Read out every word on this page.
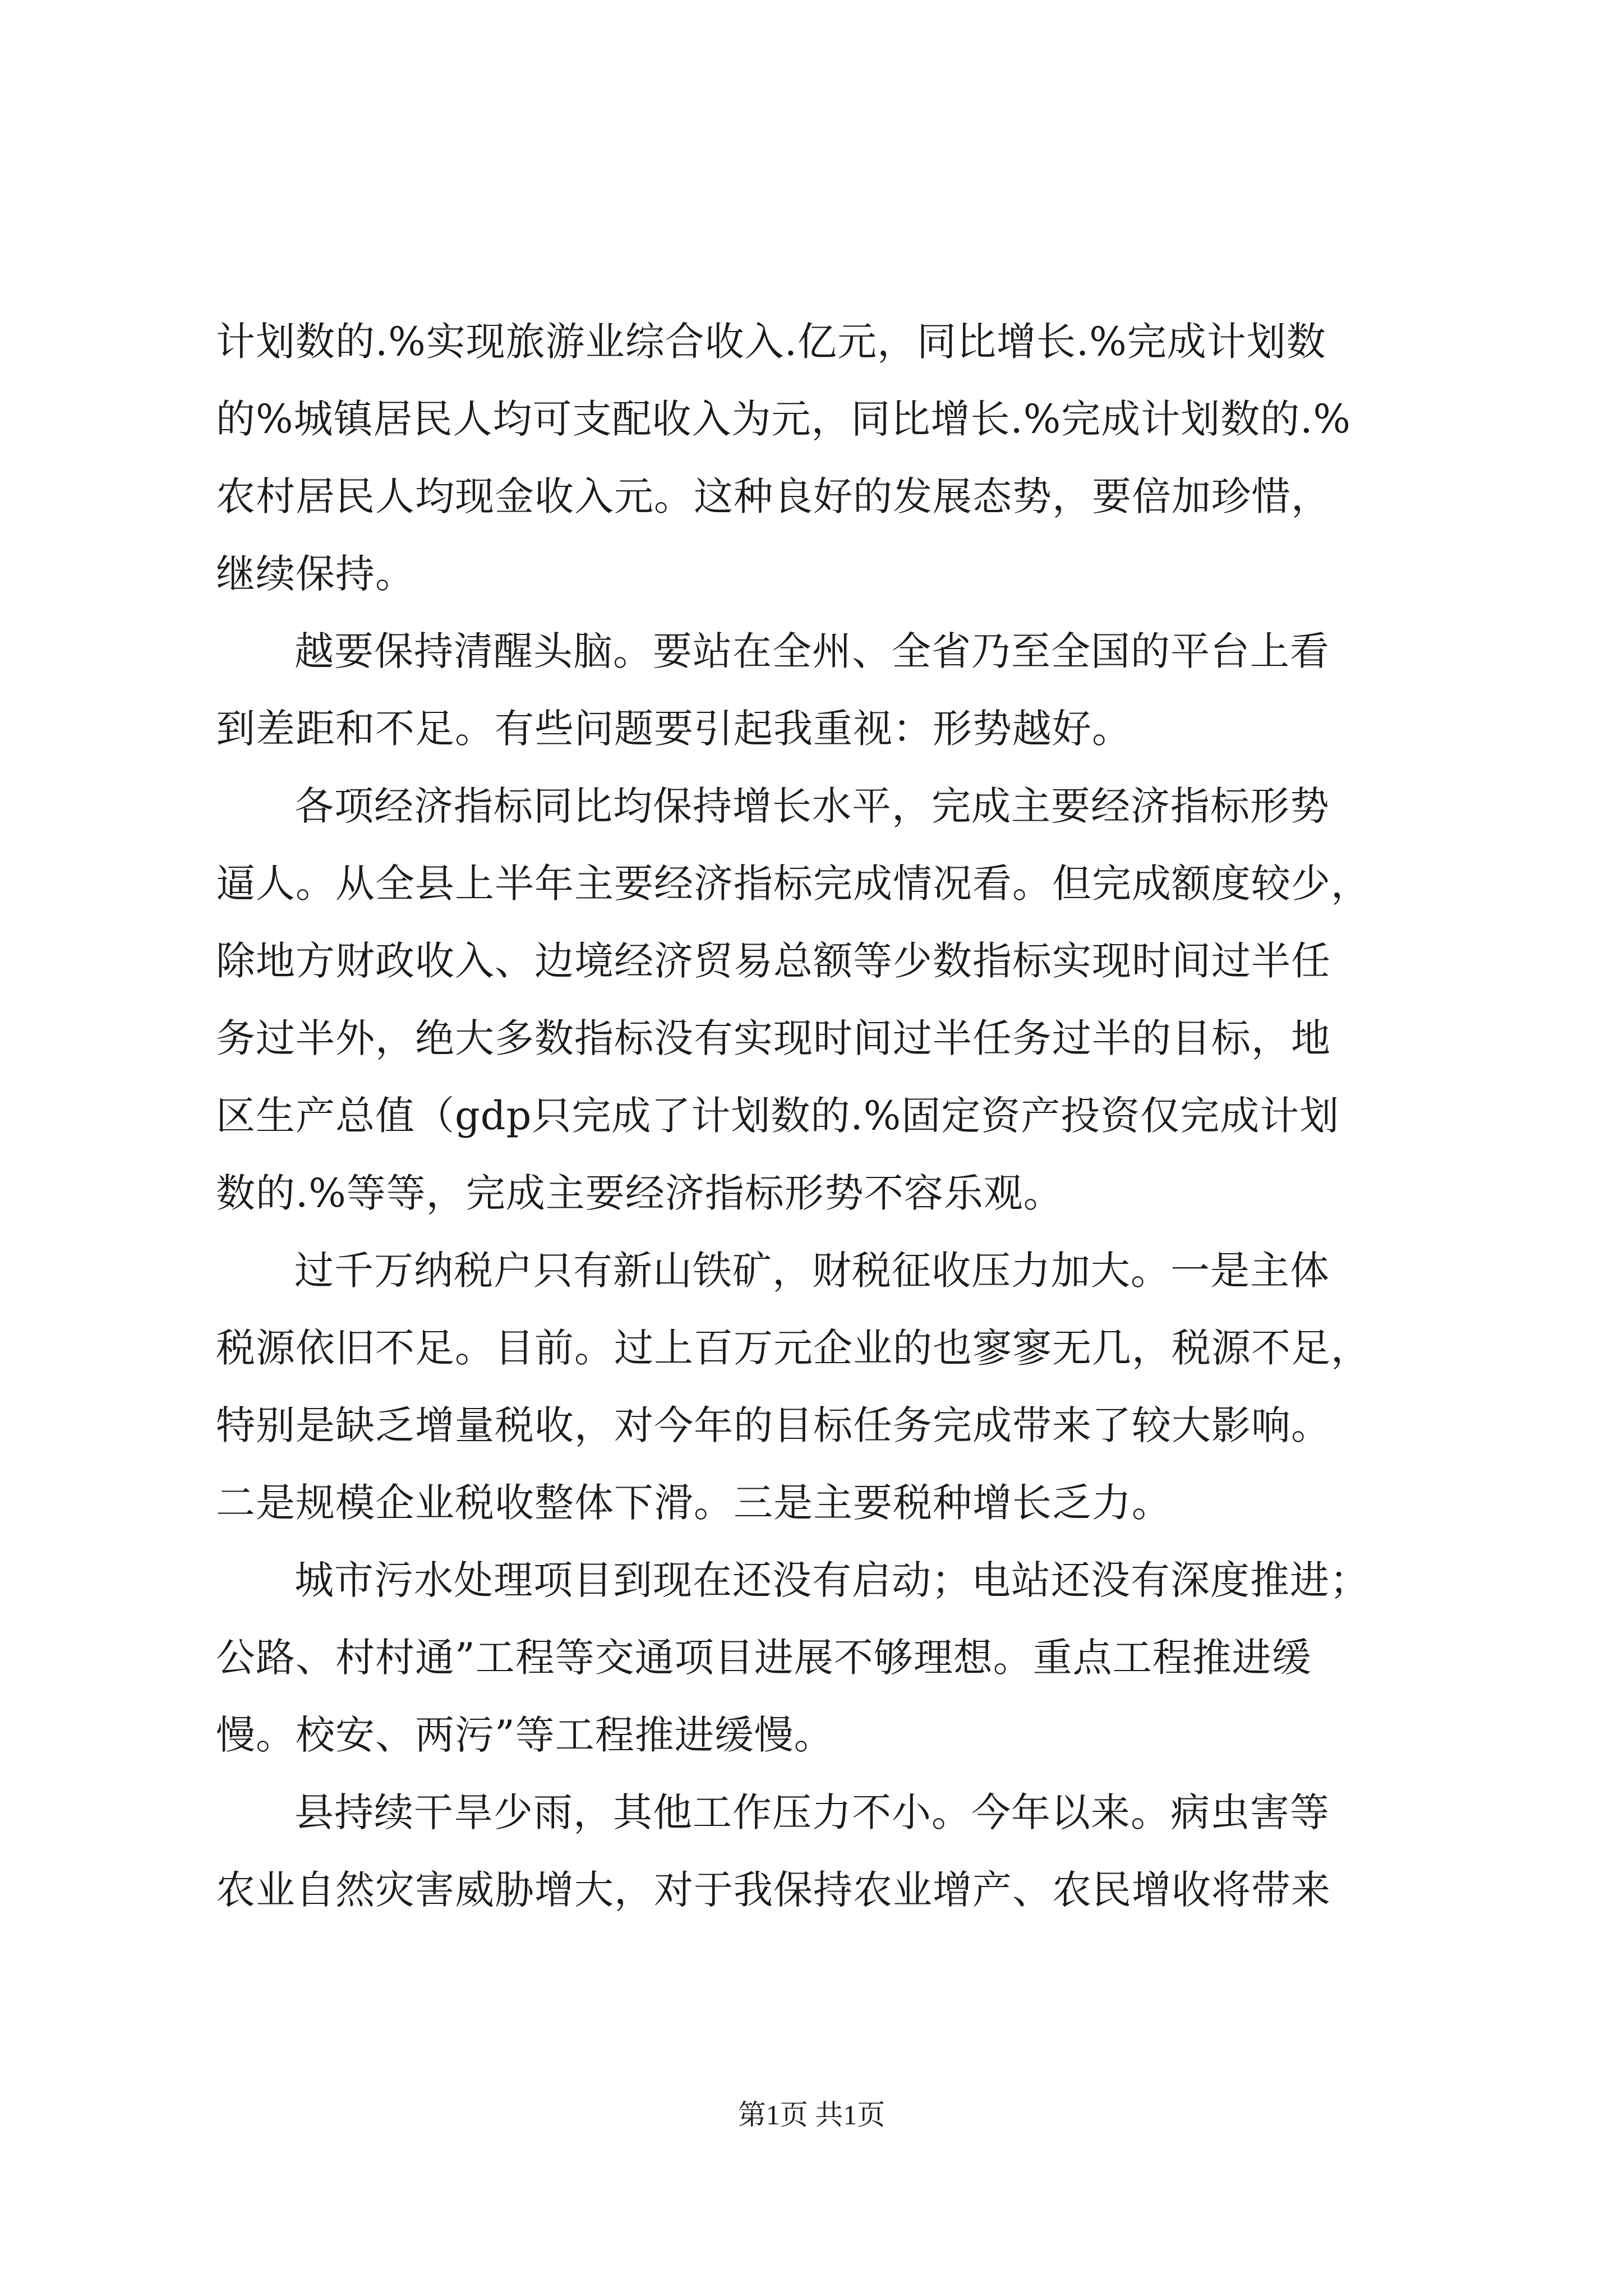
计划数的.%实现旅游业综合收入.亿元，同比增长.%完成计划数
的%城镇居民人均可支配收入为元，同比增长.%完成计划数的.%
农村居民人均现金收入元。这种良好的发展态势，要倍加珍惜，
继续保持。
越要保持清醒头脑。要站在全州、全省乃至全国的平台上看
到差距和不足。有些问题要引起我重视：形势越好。
各项经济指标同比均保持增长水平，完成主要经济指标形势
逼人。从全县上半年主要经济指标完成情况看。但完成额度较少，
除地方财政收入、边境经济贸易总额等少数指标实现时间过半任
务过半外，绝大多数指标没有实现时间过半任务过半的目标，地
区生产总值（gdp只完成了计划数的.%固定资产投资仅完成计划
数的.%等等，完成主要经济指标形势不容乐观。
过千万纳税户只有新山铁矿，财税征收压力加大。一是主体
税源依旧不足。目前。过上百万元企业的也寥寥无几，税源不足，
特别是缺乏增量税收，对今年的目标任务完成带来了较大影响。
二是规模企业税收整体下滑。三是主要税种增长乏力。
城市污水处理项目到现在还没有启动；电站还没有深度推进；
公路、村村通”工程等交通项目进展不够理想。重点工程推进缓
慢。校安、两污”等工程推进缓慢。
县持续干旱少雨，其他工作压力不小。今年以来。病虫害等
农业自然灾害威胁增大，对于我保持农业增产、农民增收将带来
第1页 共1页
